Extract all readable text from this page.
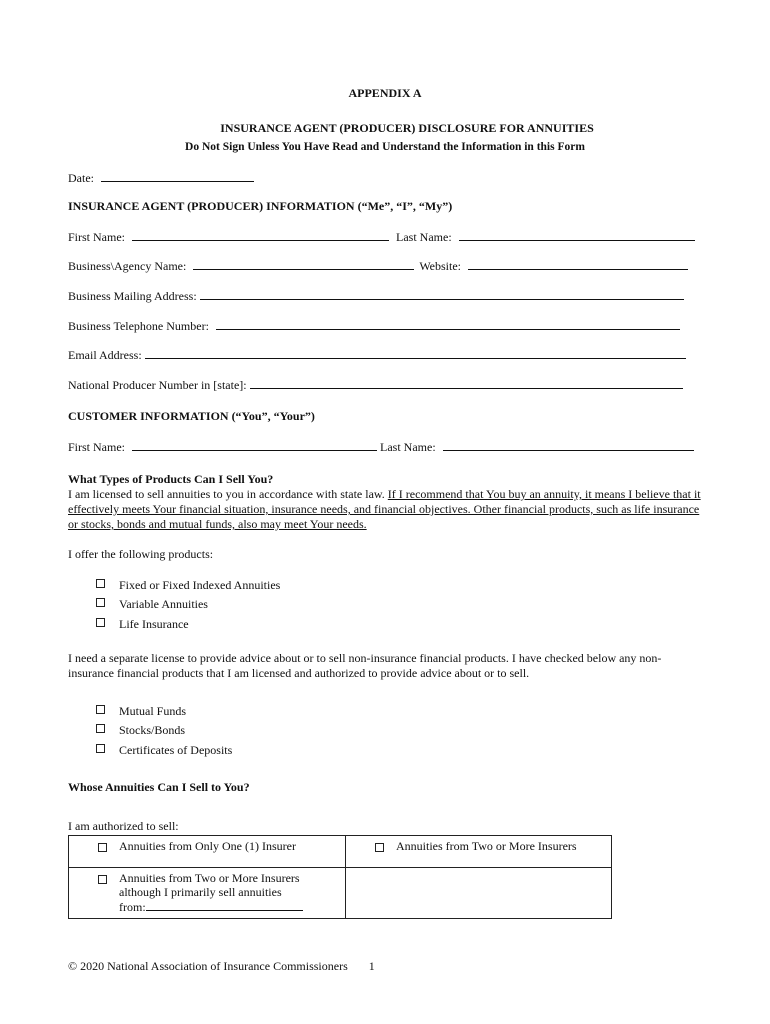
APPENDIX A
INSURANCE AGENT (PRODUCER) DISCLOSURE FOR ANNUITIES
Do Not Sign Unless You Have Read and Understand the Information in this Form
Date:
INSURANCE AGENT (PRODUCER) INFORMATION (“Me”, “I”, “My”)
First Name:	Last Name:
Business\Agency Name:	Website:
Business Mailing Address:
Business Telephone Number:
Email Address:
National Producer Number in [state]:
CUSTOMER INFORMATION (“You”, “Your”)
First Name:	Last Name:
What Types of Products Can I Sell You?
I am licensed to sell annuities to you in accordance with state law. If I recommend that You buy an annuity, it means I believe that it effectively meets Your financial situation, insurance needs, and financial objectives. Other financial products, such as life insurance or stocks, bonds and mutual funds, also may meet Your needs.
I offer the following products:
Fixed or Fixed Indexed Annuities
Variable Annuities
Life Insurance
I need a separate license to provide advice about or to sell non-insurance financial products. I have checked below any non-insurance financial products that I am licensed and authorized to provide advice about or to sell.
Mutual Funds
Stocks/Bonds
Certificates of Deposits
Whose Annuities Can I Sell to You?
I am authorized to sell:
Annuities from Only One (1) Insurer	Annuities from Two or More Insurers

Annuities from Two or More Insurers
although I primarily sell annuities
from:	

© 2020 National Association of Insurance Commissioners 1
